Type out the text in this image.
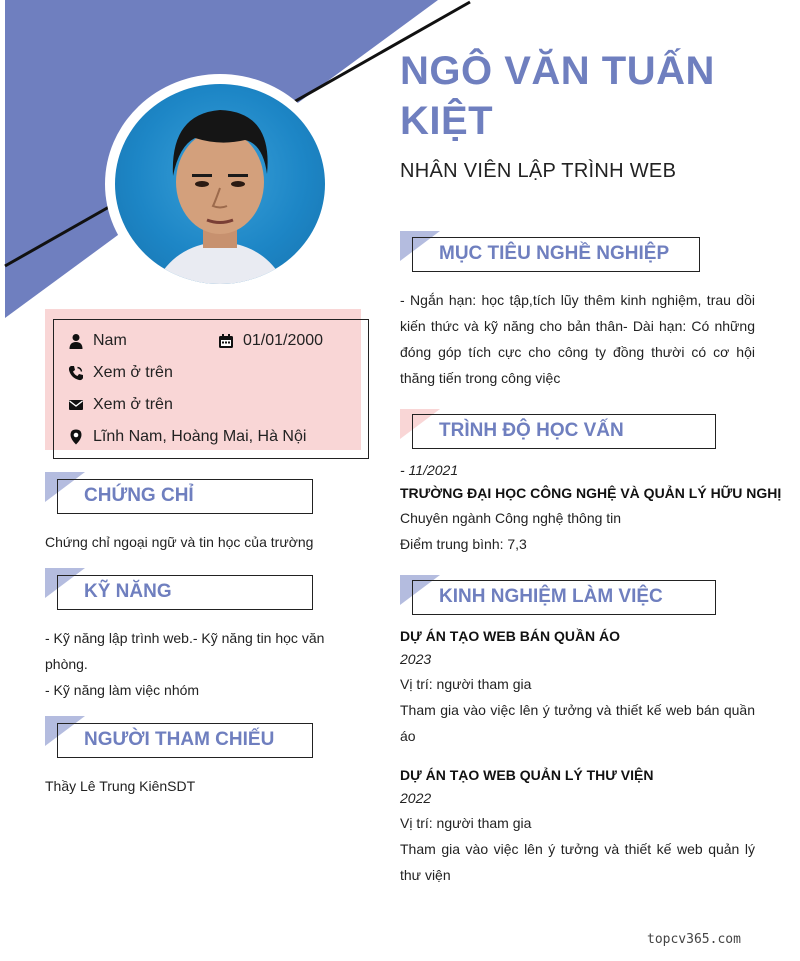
NGÔ VĂN TUẤN KIỆT
NHÂN VIÊN LẬP TRÌNH WEB
Nam	01/01/2000
Xem ở trên
Xem ở trên
Lĩnh Nam, Hoàng Mai, Hà Nội
CHỨNG CHỈ
Chứng chỉ ngoại ngữ và tin học của trường
KỸ NĂNG
- Kỹ năng lập trình web.- Kỹ năng tin học văn phòng.
- Kỹ năng làm việc nhóm
NGƯỜI THAM CHIẾU
Thầy Lê Trung KiênSDT
MỤC TIÊU NGHỀ NGHIỆP
- Ngắn hạn: học tập,tích lũy thêm kinh nghiệm, trau dồi kiến thức và kỹ năng cho bản thân- Dài hạn: Có những đóng góp tích cực cho công ty đồng thười có cơ hội thăng tiến trong công việc
TRÌNH ĐỘ HỌC VẤN
- 11/2021
TRƯỜNG ĐẠI HỌC CÔNG NGHỆ VÀ QUẢN LÝ HỮU NGHỊ
Chuyên ngành Công nghệ thông tin
Điểm trung bình: 7,3
KINH NGHIỆM LÀM VIỆC
DỰ ÁN TẠO WEB BÁN QUẦN ÁO
2023
Vị trí: người tham gia
Tham gia vào việc lên ý tưởng và thiết kế web bán quần áo
DỰ ÁN TẠO WEB QUẢN LÝ THƯ VIỆN
2022
Vị trí: người tham gia
Tham gia vào việc lên ý tưởng và thiết kế web quản lý thư viện
topcv365.com
